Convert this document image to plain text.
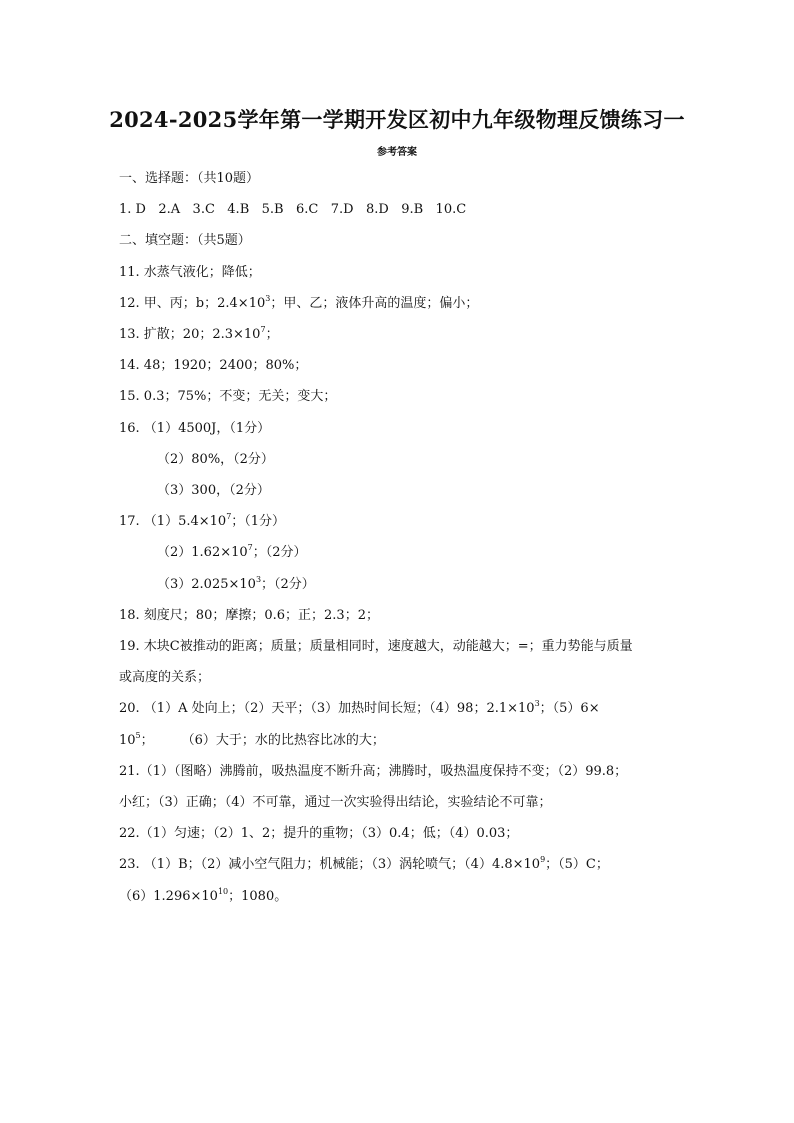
2024-2025学年第一学期开发区初中九年级物理反馈练习一
参考答案
一、选择题：（共10题）
1. D   2.A   3.C   4.B   5.B   6.C   7.D   8.D   9.B   10.C
二、填空题：（共5题）
11. 水蒸气液化；降低；
12. 甲、丙；b；$2.4\times 10^3$；甲、乙；液体升高的温度；偏小；
13. 扩散；20；$2.3\times 10^7$；
14. 48；1920；2400；80%；
15. 0.3；75%；不变；无关；变大；
16. （1）4500J，（1分）
（2）80%，（2分）
（3）300，（2分）
17. $(1)5.4\times 10^7$；（1分）
$(2)1.62\times 10^7$；（2分）
$(3)2.025\times 10^3$；（2分）
18. 刻度尺；80；摩擦；0.6；正；2.3；2；
19. 木块C被推动的距离；质量；质量相同时，速度越大，动能越大；=；重力势能与质量
或高度的关系；
20. （1）A 处向上；（2）天平；（3）加热时间长短；（4）98；$2.1\times 10^3$；（5）6×
$10^5$； （6）大于；水的比热容比冰的大；
21.（1）（图略）沸腾前，吸热温度不断升高；沸腾时，吸热温度保持不变；（2）99.8；
小红；（3）正确；（4）不可靠，通过一次实验得出结论，实验结论不可靠；
22.（1）匀速；（2）1、2；提升的重物；（3）0.4；低；（4）0.03；
23. （1）B；（2）减小空气阻力；机械能；（3）涡轮喷气；$(4)4.8\times 10^9$；（5）C；
$(6)1.296\times 10^{10}$；1080。
